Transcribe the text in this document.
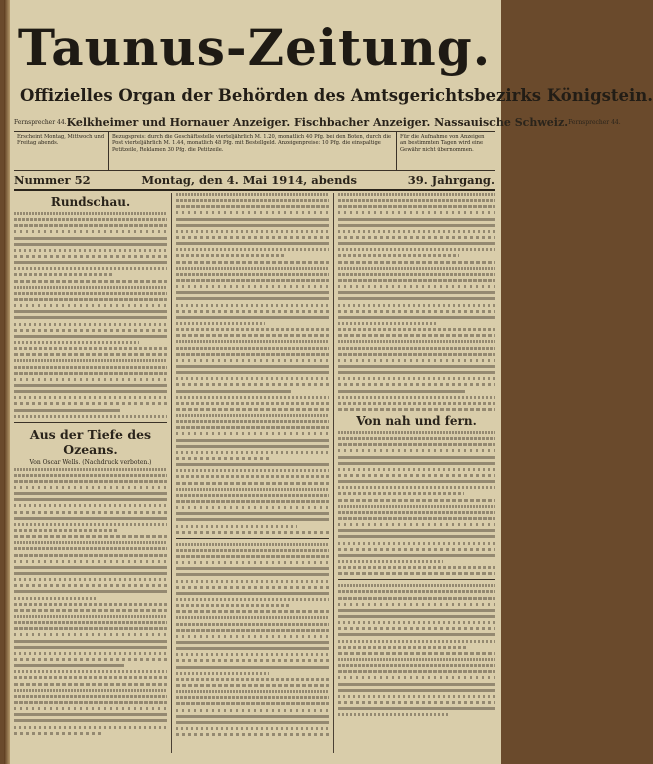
Taunus-Zeitung.
Offizielles Organ der Behörden des Amtsgerichtsbezirks Königstein.
Fernsprecher 44. Kelkheimer und Hornauer Anzeiger. Fischbacher Anzeiger. Nassauische Schweiz. Fernsprecher 44.
Erscheint Montag, Mittwoch und Freitag abends.
Bezugspreis: durch die Geschäftsstelle vierteljährlich M. 1.20, monatlich 40 Pfg. bei den Boten, durch die Post vierteljährlich M. 1.44, monatlich 48 Pfg. mit Bestellgeld. Anzeigenpreise: 10 Pfg. die einspaltige Petitzeile, Reklamen 30 Pfg. die Petitzeile.
Für die Aufnahme von Anzeigen an bestimmten Tagen wird eine Gewähr nicht übernommen.
Nummer 52	Montag, den 4. Mai 1914, abends	39. Jahrgang.
Rundschau.
Aus der Tiefe des Ozeans.
Von Oscar Wells. (Nachdruck verboten.)
Von nah und fern.
